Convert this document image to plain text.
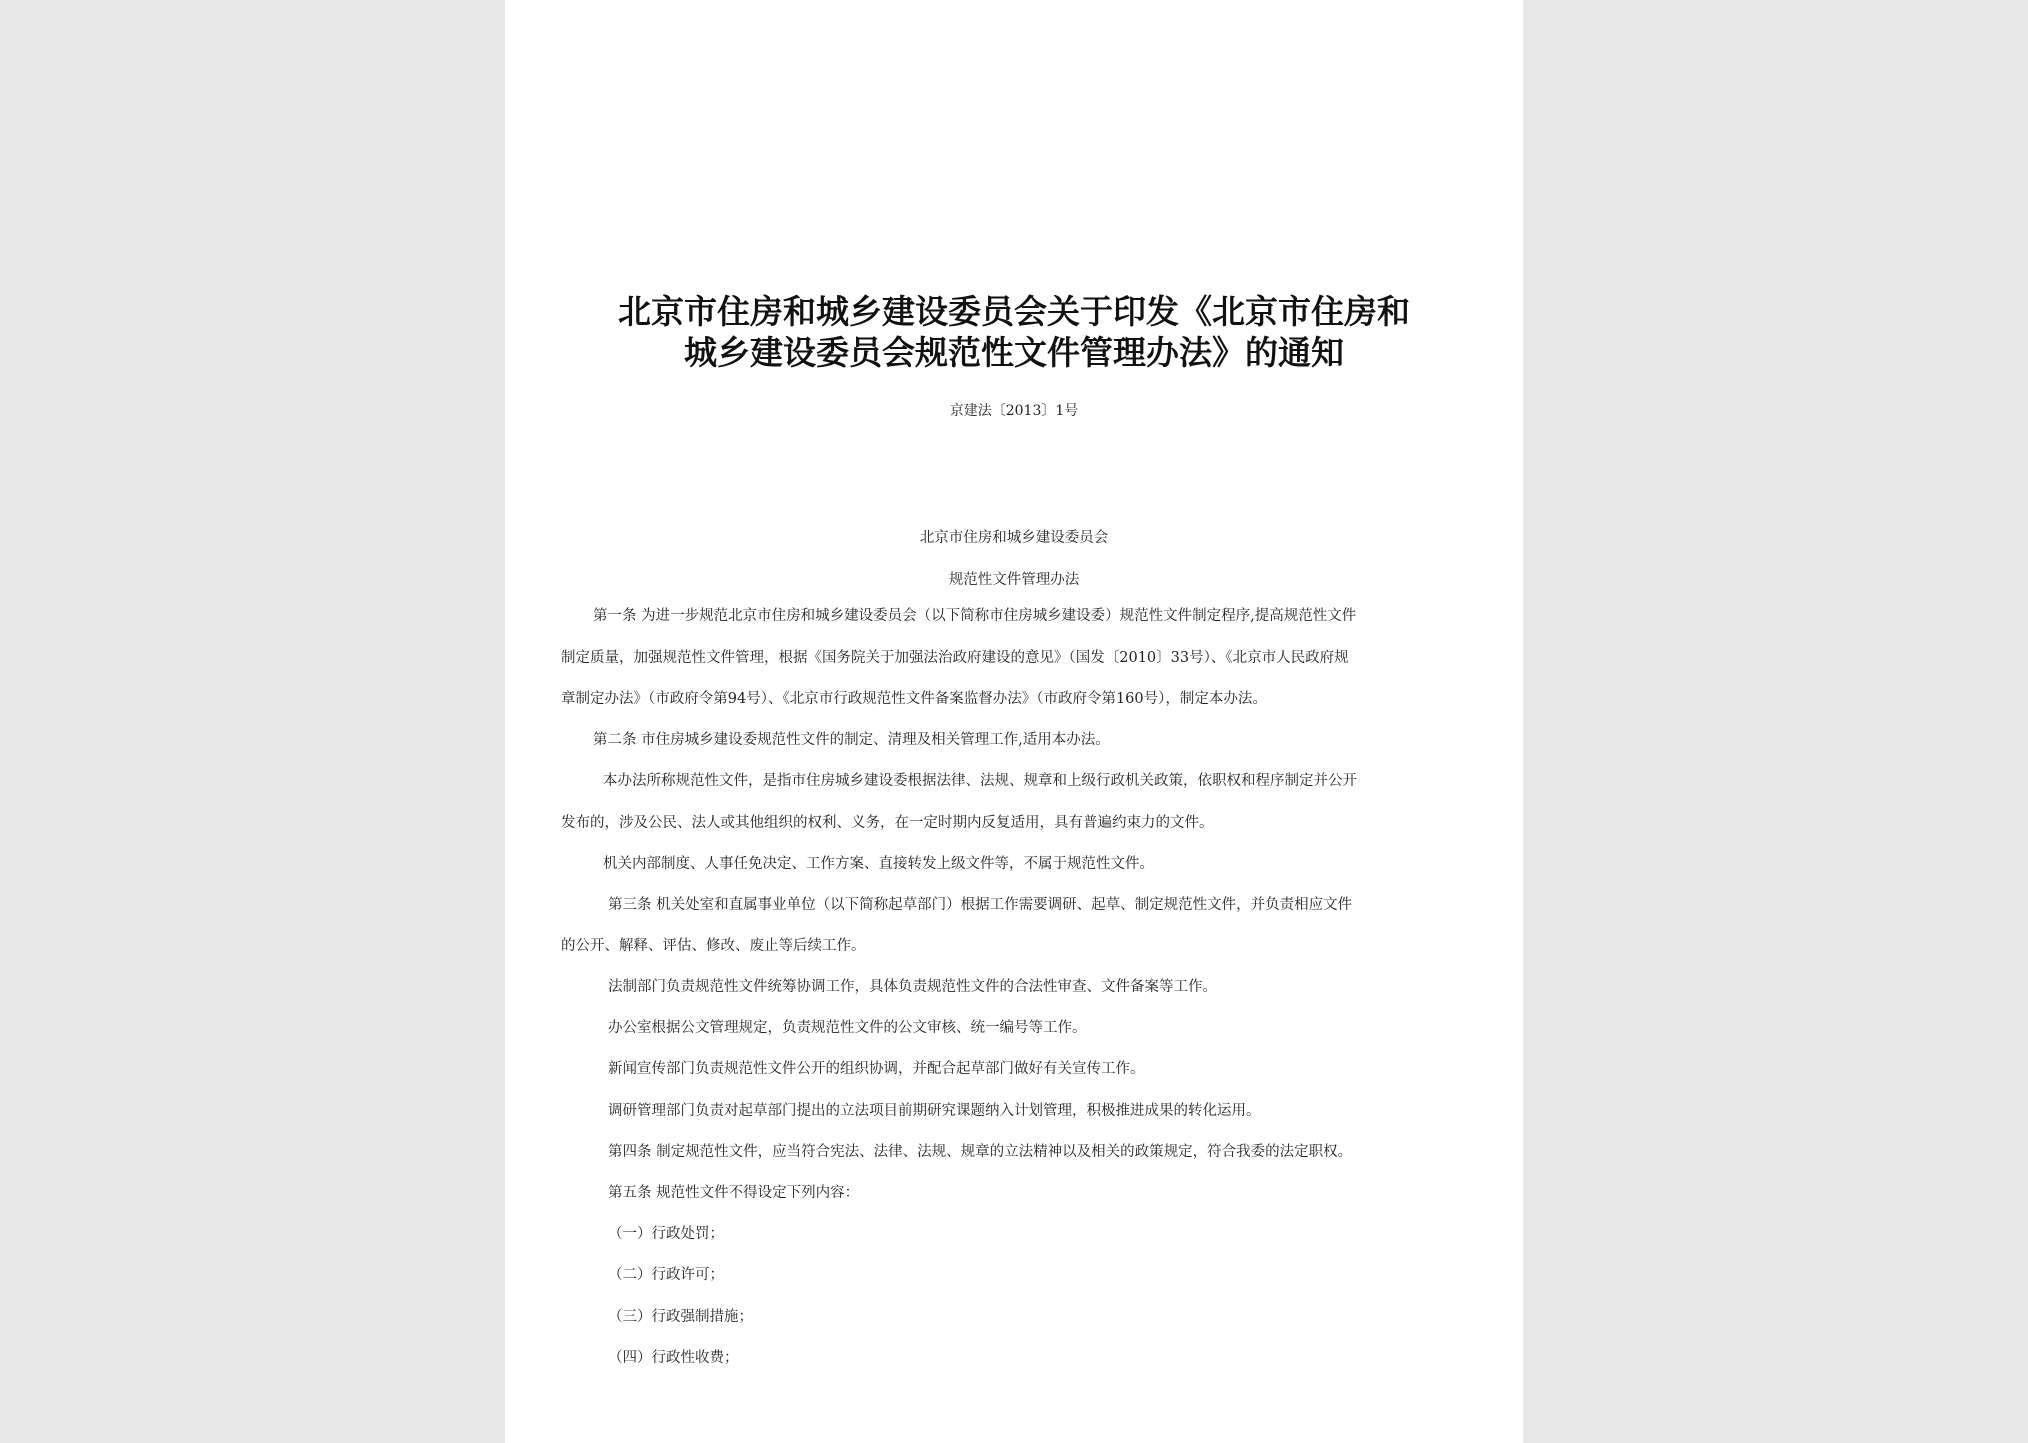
北京市住房和城乡建设委员会关于印发《北京市住房和
城乡建设委员会规范性文件管理办法》的通知
京建法〔2013〕1号
北京市住房和城乡建设委员会
规范性文件管理办法
第一条 为进一步规范北京市住房和城乡建设委员会（以下简称市住房城乡建设委）规范性文件制定程序,提高规范性文件
制定质量，加强规范性文件管理，根据《国务院关于加强法治政府建设的意见》（国发〔2010〕33号）、《北京市人民政府规
章制定办法》（市政府令第94号）、《北京市行政规范性文件备案监督办法》（市政府令第160号），制定本办法。
第二条 市住房城乡建设委规范性文件的制定、清理及相关管理工作,适用本办法。
本办法所称规范性文件，是指市住房城乡建设委根据法律、法规、规章和上级行政机关政策，依职权和程序制定并公开
发布的，涉及公民、法人或其他组织的权利、义务，在一定时期内反复适用，具有普遍约束力的文件。
机关内部制度、人事任免决定、工作方案、直接转发上级文件等，不属于规范性文件。
第三条 机关处室和直属事业单位（以下简称起草部门）根据工作需要调研、起草、制定规范性文件，并负责相应文件
的公开、解释、评估、修改、废止等后续工作。
法制部门负责规范性文件统筹协调工作，具体负责规范性文件的合法性审查、文件备案等工作。
办公室根据公文管理规定，负责规范性文件的公文审核、统一编号等工作。
新闻宣传部门负责规范性文件公开的组织协调，并配合起草部门做好有关宣传工作。
调研管理部门负责对起草部门提出的立法项目前期研究课题纳入计划管理，积极推进成果的转化运用。
第四条 制定规范性文件，应当符合宪法、法律、法规、规章的立法精神以及相关的政策规定，符合我委的法定职权。
第五条 规范性文件不得设定下列内容：
（一）行政处罚；
（二）行政许可；
（三）行政强制措施；
（四）行政性收费；
